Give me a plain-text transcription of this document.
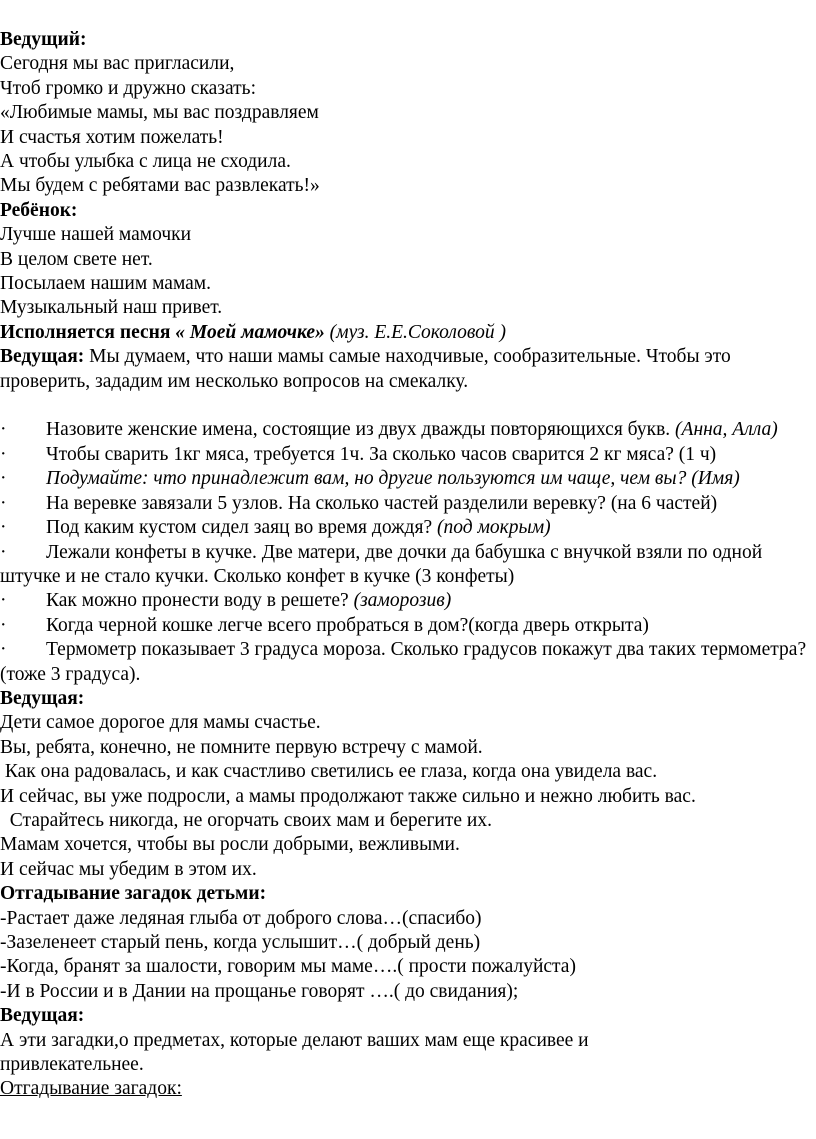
Ведущий:
Сегодня мы вас пригласили,
Чтоб громко и дружно сказать:
«Любимые мамы, мы вас поздравляем
И счастья хотим пожелать!
А чтобы улыбка с лица не сходила.
Мы будем с ребятами вас развлекать!»
Ребёнок:
Лучше нашей мамочки
В целом свете нет.
Посылаем нашим мамам.
Музыкальный наш привет.
Исполняется песня « Моей мамочке» (муз. Е.Е.Соколовой )
Ведущая: Мы думаем, что наши мамы самые находчивые, сообразительные. Чтобы это проверить, зададим им несколько вопросов на смекалку.
· Назовите женские имена, состоящие из двух дважды повторяющихся букв. (Анна, Алла)
· Чтобы сварить 1кг мяса, требуется 1ч. За сколько часов сварится 2 кг мяса? (1 ч)
· Подумайте: что принадлежит вам, но другие пользуются им чаще, чем вы? (Имя)
· На веревке завязали 5 узлов. На сколько частей разделили веревку? (на 6 частей)
· Под каким кустом сидел заяц во время дождя? (под мокрым)
· Лежали конфеты в кучке. Две матери, две дочки да бабушка с внучкой взяли по одной штучке и не стало кучки. Сколько конфет в кучке (3 конфеты)
· Как можно пронести воду в решете? (заморозив)
· Когда черной кошке легче всего пробраться в дом?(когда дверь открыта)
· Термометр показывает 3 градуса мороза. Сколько градусов покажут два таких термометра? (тоже 3 градуса).
Ведущая:
Дети самое дорогое для мамы счастье.
Вы, ребята, конечно, не помните первую встречу с мамой.
Как она радовалась, и как счастливо светились ее глаза, когда она увидела вас.
И сейчас, вы уже подросли, а мамы продолжают также сильно и нежно любить вас.
Старайтесь никогда, не огорчать своих мам и берегите их.
Мамам хочется, чтобы вы росли добрыми, вежливыми.
И сейчас мы убедим в этом их.
Отгадывание загадок детьми:
-Растает даже ледяная глыба от доброго слова…(спасибо)
-Зазеленеет старый пень, когда услышит…( добрый день)
-Когда, бранят за шалости, говорим мы маме….( прости пожалуйста)
-И в России и в Дании на прощанье говорят ….( до свидания);
Ведущая:
А эти загадки,о предметах, которые делают ваших мам еще красивее и привлекательнее.
Отгадывание загадок:
